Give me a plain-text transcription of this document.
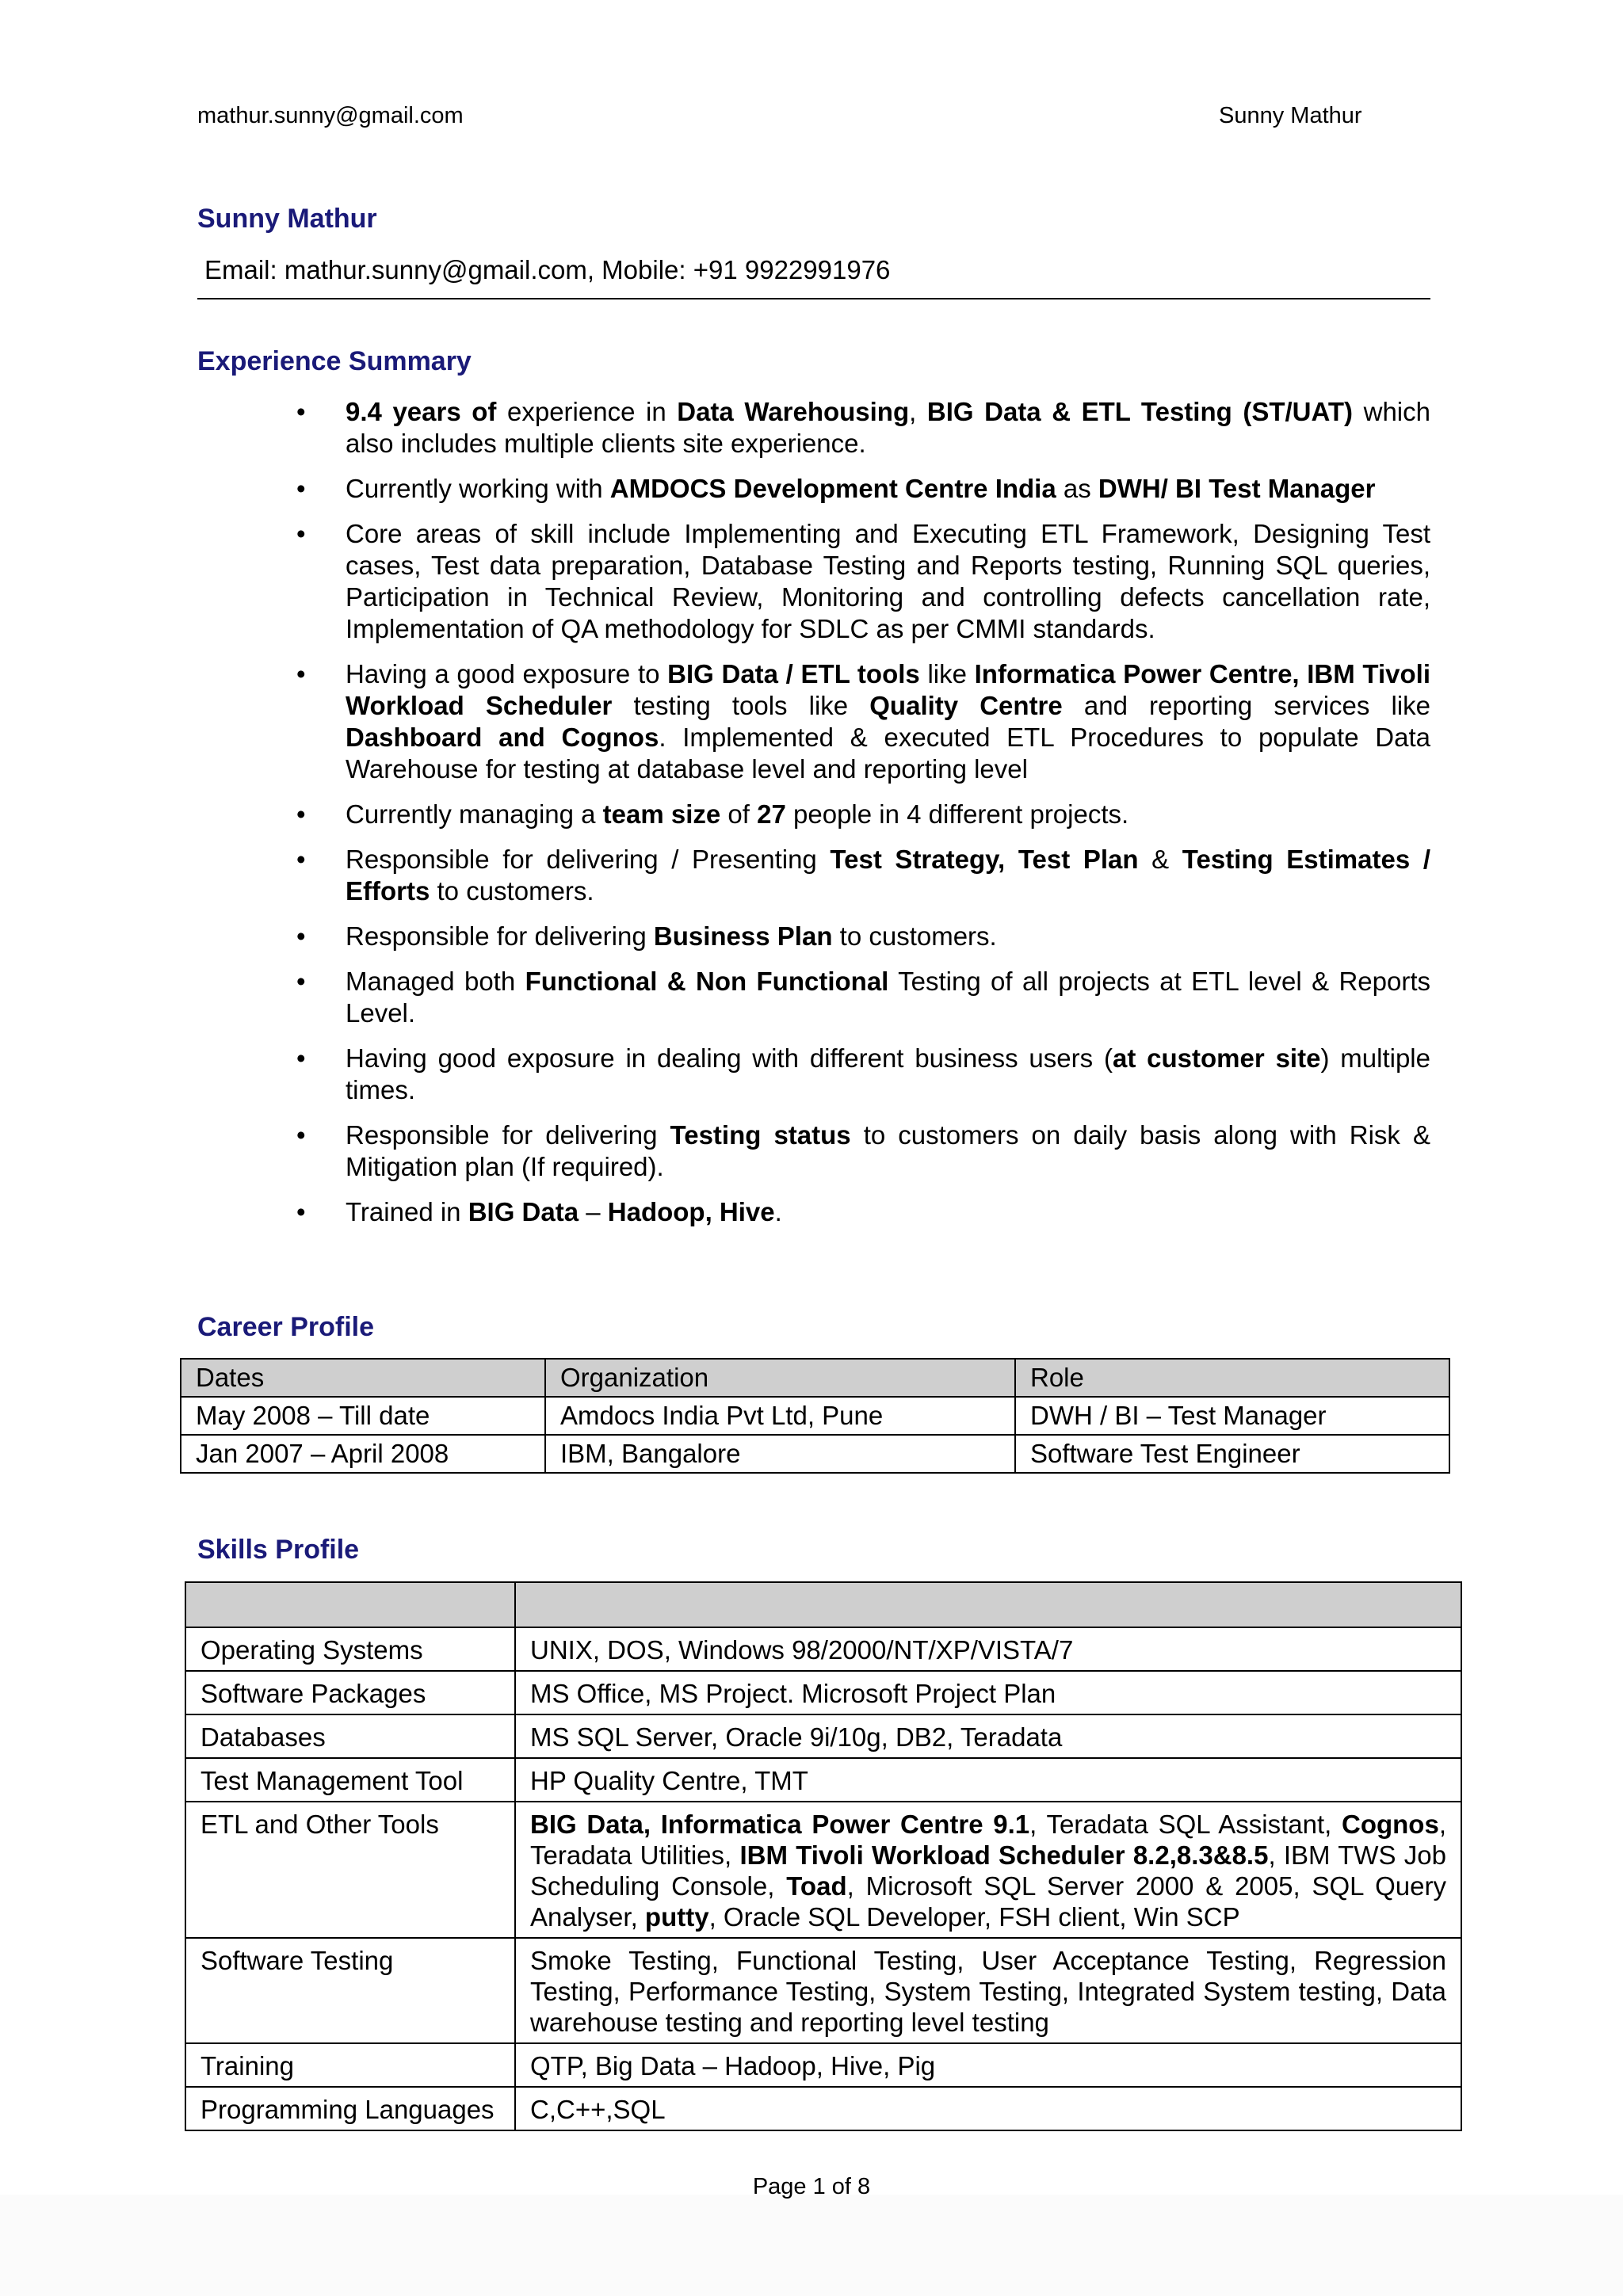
mathur.sunny@gmail.com	Sunny Mathur
Sunny Mathur
Email: mathur.sunny@gmail.com, Mobile: +91 9922991976
Experience Summary
• 9.4 years of experience in Data Warehousing, BIG Data & ETL Testing (ST/UAT) which also includes multiple clients site experience.
• Currently working with AMDOCS Development Centre India as DWH/ BI Test Manager
• Core areas of skill include Implementing and Executing ETL Framework, Designing Test cases, Test data preparation, Database Testing and Reports testing, Running SQL queries, Participation in Technical Review, Monitoring and controlling defects cancellation rate, Implementation of QA methodology for SDLC as per CMMI standards.
• Having a good exposure to BIG Data / ETL tools like Informatica Power Centre, IBM Tivoli Workload Scheduler testing tools like Quality Centre and reporting services like Dashboard and Cognos. Implemented & executed ETL Procedures to populate Data Warehouse for testing at database level and reporting level
• Currently managing a team size of 27 people in 4 different projects.
• Responsible for delivering / Presenting Test Strategy, Test Plan & Testing Estimates / Efforts to customers.
• Responsible for delivering Business Plan to customers.
• Managed both Functional & Non Functional Testing of all projects at ETL level & Reports Level.
• Having good exposure in dealing with different business users (at customer site) multiple times.
• Responsible for delivering Testing status to customers on daily basis along with Risk & Mitigation plan (If required).
• Trained in BIG Data – Hadoop, Hive.
Career Profile
Dates	Organization	Role
May 2008 – Till date	Amdocs India Pvt Ltd, Pune	DWH / BI – Test Manager
Jan 2007 – April 2008	IBM, Bangalore	Software Test Engineer
Skills Profile

Operating Systems	UNIX, DOS, Windows 98/2000/NT/XP/VISTA/7
Software Packages	MS Office, MS Project. Microsoft Project Plan
Databases	MS SQL Server, Oracle 9i/10g, DB2, Teradata
Test Management Tool	HP Quality Centre, TMT
ETL and Other Tools	BIG Data, Informatica Power Centre 9.1, Teradata SQL Assistant, Cognos, Teradata Utilities, IBM Tivoli Workload Scheduler 8.2,8.3&8.5, IBM TWS Job Scheduling Console, Toad, Microsoft SQL Server 2000 & 2005, SQL Query Analyser, putty, Oracle SQL Developer, FSH client, Win SCP
Software Testing	Smoke Testing, Functional Testing, User Acceptance Testing, Regression Testing, Performance Testing, System Testing, Integrated System testing, Data warehouse testing and reporting level testing
Training	QTP, Big Data – Hadoop, Hive, Pig
Programming Languages	C,C++,SQL
Page 1 of 8
